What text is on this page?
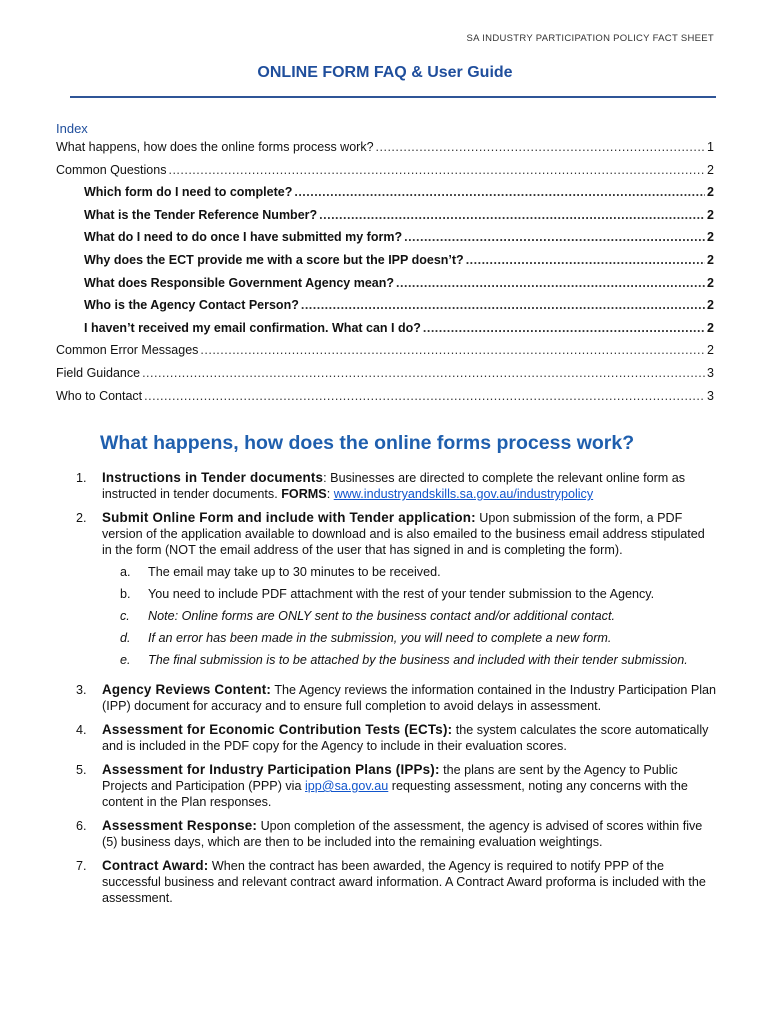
SA INDUSTRY PARTICIPATION POLICY FACT SHEET
ONLINE FORM FAQ & User Guide
Index
What happens, how does the online forms process work? .....	1
Common Questions .....	2
Which form do I need to complete? .....	2
What is the Tender Reference Number? .....	2
What do I need to do once I have submitted my form? .....	2
Why does the ECT provide me with a score but the IPP doesn’t? .....	2
What does Responsible Government Agency mean? .....	2
Who is the Agency Contact Person? .....	2
I haven’t received my email confirmation. What can I do? .....	2
Common Error Messages .....	2
Field Guidance .....	3
Who to Contact .....	3
What happens, how does the online forms process work?
1.	Instructions in Tender documents: Businesses are directed to complete the relevant online form as instructed in tender documents. FORMS: www.industryandskills.sa.gov.au/industrypolicy
2.	Submit Online Form and include with Tender application: Upon submission of the form, a PDF version of the application available to download and is also emailed to the business email address stipulated in the form (NOT the email address of the user that has signed in and is completing the form).
a.	The email may take up to 30 minutes to be received.
b.	You need to include PDF attachment with the rest of your tender submission to the Agency.
c.	Note: Online forms are ONLY sent to the business contact and/or additional contact.
d.	If an error has been made in the submission, you will need to complete a new form.
e.	The final submission is to be attached by the business and included with their tender submission.
3.	Agency Reviews Content: The Agency reviews the information contained in the Industry Participation Plan (IPP) document for accuracy and to ensure full completion to avoid delays in assessment.
4.	Assessment for Economic Contribution Tests (ECTs): the system calculates the score automatically and is included in the PDF copy for the Agency to include in their evaluation scores.
5.	Assessment for Industry Participation Plans (IPPs): the plans are sent by the Agency to Public Projects and Participation (PPP) via ipp@sa.gov.au requesting assessment, noting any concerns with the content in the Plan responses.
6.	Assessment Response: Upon completion of the assessment, the agency is advised of scores within five (5) business days, which are then to be included into the remaining evaluation weightings.
7.	Contract Award: When the contract has been awarded, the Agency is required to notify PPP of the successful business and relevant contract award information. A Contract Award proforma is included with the assessment.
